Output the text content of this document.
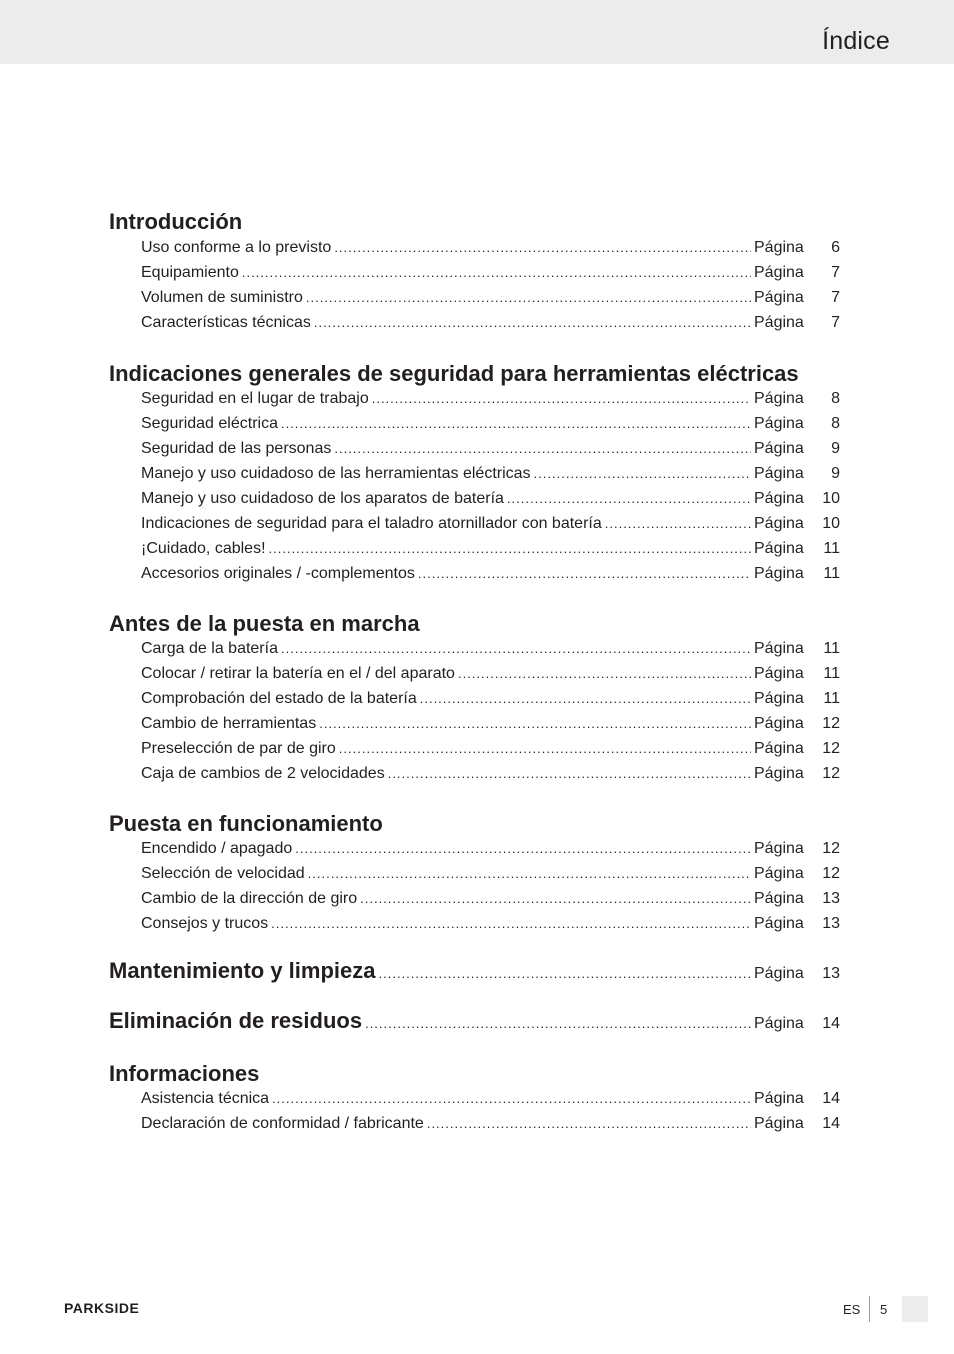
Índice
Introducción
Uso conforme a lo previsto .....	Página	6
Equipamiento .....	Página	7
Volumen de suministro .....	Página	7
Características técnicas .....	Página	7
Indicaciones generales de seguridad para herramientas eléctricas
Seguridad en el lugar de trabajo .....	Página	8
Seguridad eléctrica .....	Página	8
Seguridad de las personas .....	Página	9
Manejo y uso cuidadoso de las herramientas eléctricas .....	Página	9
Manejo y uso cuidadoso de los aparatos de batería .....	Página	10
Indicaciones de seguridad para el taladro atornillador con batería .....	Página	10
¡Cuidado, cables! .....	Página	11
Accesorios originales / -complementos .....	Página	11
Antes de la puesta en marcha
Carga de la batería .....	Página	11
Colocar / retirar la batería en el / del aparato .....	Página	11
Comprobación del estado de la batería .....	Página	11
Cambio de herramientas .....	Página	12
Preselección de par de giro .....	Página	12
Caja de cambios de 2 velocidades .....	Página	12
Puesta en funcionamiento
Encendido / apagado .....	Página	12
Selección de velocidad .....	Página	12
Cambio de la dirección de giro .....	Página	13
Consejos y trucos .....	Página	13
Mantenimiento y limpieza .....	Página	13
Eliminación de residuos .....	Página	14
Informaciones
Asistencia técnica .....	Página	14
Declaración de conformidad / fabricante .....	Página	14
PARKSIDE	ES 5
